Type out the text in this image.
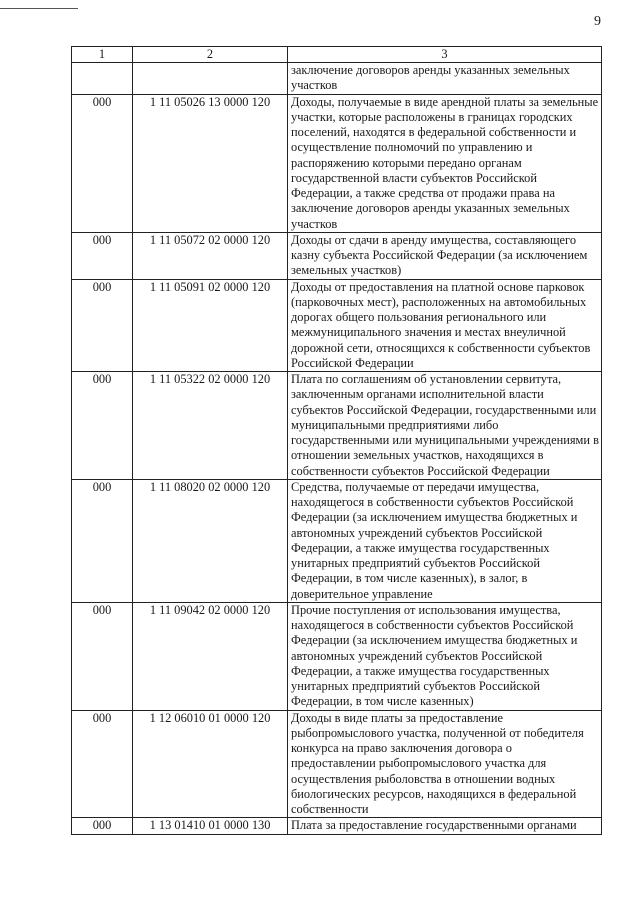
9
1	2	3
		заключение договоров аренды указанных земельных участков
000	1 11 05026 13 0000 120	Доходы, получаемые в виде арендной платы за земельные участки, которые расположены в границах городских поселений, находятся в федеральной собственности и осуществление полномочий по управлению и распоряжению которыми передано органам государственной власти субъектов Российской Федерации, а также средства от продажи права на заключение договоров аренды указанных земельных участков
000	1 11 05072 02 0000 120	Доходы от сдачи в аренду имущества, составляющего казну субъекта Российской Федерации (за исключением земельных участков)
000	1 11 05091 02 0000 120	Доходы от предоставления на платной основе парковок (парковочных мест), расположенных на автомобильных дорогах общего пользования регионального или межмуниципального значения и местах внеуличной дорожной сети, относящихся к собственности субъектов Российской Федерации
000	1 11 05322 02 0000 120	Плата по соглашениям об установлении сервитута, заключенным органами исполнительной власти субъектов Российской Федерации, государственными или муниципальными предприятиями либо государственными или муниципальными учреждениями в отношении земельных участков, находящихся в собственности субъектов Российской Федерации
000	1 11 08020 02 0000 120	Средства, получаемые от передачи имущества, находящегося в собственности субъектов Российской Федерации (за исключением имущества бюджетных и автономных учреждений субъектов Российской Федерации, а также имущества государственных унитарных предприятий субъектов Российской Федерации, в том числе казенных), в залог, в доверительное управление
000	1 11 09042 02 0000 120	Прочие поступления от использования имущества, находящегося в собственности субъектов Российской Федерации (за исключением имущества бюджетных и автономных учреждений субъектов Российской Федерации, а также имущества государственных унитарных предприятий субъектов Российской Федерации, в том числе казенных)
000	1 12 06010 01 0000 120	Доходы в виде платы за предоставление рыбопромыслового участка, полученной от победителя конкурса на право заключения договора о предоставлении рыбопромыслового участка для осуществления рыболовства в отношении водных биологических ресурсов, находящихся в федеральной собственности
000	1 13 01410 01 0000 130	Плата за предоставление государственными органами
